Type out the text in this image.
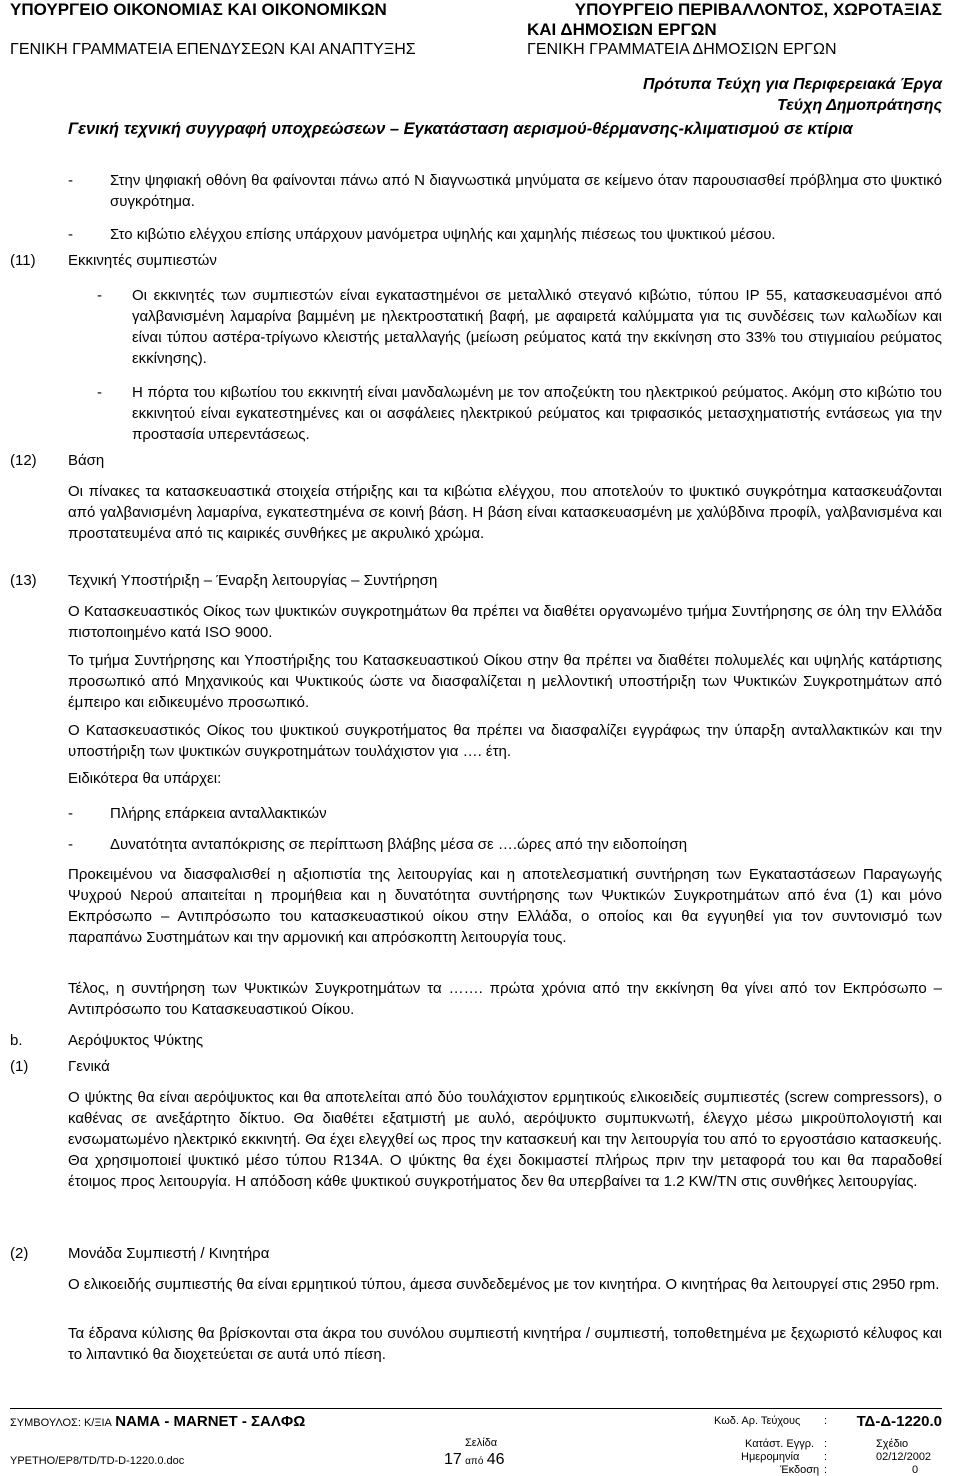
ΥΠΟΥΡΓΕΙΟ ΟΙΚΟΝΟΜΙΑΣ ΚΑΙ ΟΙΚΟΝΟΜΙΚΩΝ	ΥΠΟΥΡΓΕΙΟ ΠΕΡΙΒΑΛΛΟΝΤΟΣ, ΧΩΡΟΤΑΞΙΑΣ
ΚΑΙ ΔΗΜΟΣΙΩΝ ΕΡΓΩΝ
ΓΕΝΙΚΗ ΓΡΑΜΜΑΤΕΙΑ ΕΠΕΝΔΥΣΕΩΝ ΚΑΙ ΑΝΑΠΤΥΞΗΣ	ΓΕΝΙΚΗ ΓΡΑΜΜΑΤΕΙΑ ΔΗΜΟΣΙΩΝ ΕΡΓΩΝ
Πρότυπα Τεύχη για Περιφερειακά Έργα
Τεύχη Δημοπράτησης
Γενική τεχνική συγγραφή υποχρεώσεων – Εγκατάσταση αερισμού-θέρμανσης-κλιματισμού σε κτίρια
- Στην ψηφιακή οθόνη θα φαίνονται πάνω από Ν διαγνωστικά μηνύματα σε κείμενο όταν παρουσιασθεί πρόβλημα στο ψυκτικό συγκρότημα.
- Στο κιβώτιο ελέγχου επίσης υπάρχουν μανόμετρα υψηλής και χαμηλής πιέσεως του ψυκτικού μέσου.
(11) Εκκινητές συμπιεστών
- Οι εκκινητές των συμπιεστών είναι εγκαταστημένοι σε μεταλλικό στεγανό κιβώτιο, τύπου IP 55, κατασκευασμένοι από γαλβανισμένη λαμαρίνα βαμμένη με ηλεκτροστατική βαφή, με αφαιρετά καλύμματα για τις συνδέσεις των καλωδίων και είναι τύπου αστέρα-τρίγωνο κλειστής μεταλλαγής (μείωση ρεύματος κατά την εκκίνηση στο 33% του στιγμιαίου ρεύματος εκκίνησης).
- Η πόρτα του κιβωτίου του εκκινητή είναι μανδαλωμένη με τον αποζεύκτη του ηλεκτρικού ρεύματος. Ακόμη στο κιβώτιο του εκκινητού είναι εγκατεστημένες και οι ασφάλειες ηλεκτρικού ρεύματος και τριφασικός μετασχηματιστής εντάσεως για την προστασία υπερεντάσεως.
(12) Βάση
Οι πίνακες τα κατασκευαστικά στοιχεία στήριξης και τα κιβώτια ελέγχου, που αποτελούν το ψυκτικό συγκρότημα κατασκευάζονται από γαλβανισμένη λαμαρίνα, εγκατεστημένα σε κοινή βάση. Η βάση είναι κατασκευασμένη με χαλύβδινα προφίλ, γαλβανισμένα και προστατευμένα από τις καιρικές συνθήκες με ακρυλικό χρώμα.
(13) Τεχνική Υποστήριξη – Έναρξη λειτουργίας – Συντήρηση
Ο Κατασκευαστικός Οίκος των ψυκτικών συγκροτημάτων θα πρέπει να διαθέτει οργανωμένο τμήμα Συντήρησης σε όλη την Ελλάδα πιστοποιημένο κατά ISO 9000.
Το τμήμα Συντήρησης και Υποστήριξης του Κατασκευαστικού Οίκου στην θα πρέπει να διαθέτει πολυμελές και υψηλής κατάρτισης προσωπικό από Μηχανικούς και Ψυκτικούς ώστε να διασφαλίζεται η μελλοντική υποστήριξη των Ψυκτικών Συγκροτημάτων από έμπειρο και ειδικευμένο προσωπικό.
Ο Κατασκευαστικός Οίκος του ψυκτικού συγκροτήματος θα πρέπει να διασφαλίζει εγγράφως την ύπαρξη ανταλλακτικών και την υποστήριξη των ψυκτικών συγκροτημάτων τουλάχιστον για …. έτη.
Ειδικότερα θα υπάρχει:
- Πλήρης επάρκεια ανταλλακτικών
- Δυνατότητα ανταπόκρισης σε περίπτωση βλάβης μέσα σε ….ώρες από την ειδοποίηση
Προκειμένου να διασφαλισθεί η αξιοπιστία της λειτουργίας και η αποτελεσματική συντήρηση των Εγκαταστάσεων Παραγωγής Ψυχρού Νερού απαιτείται η προμήθεια και η δυνατότητα συντήρησης των Ψυκτικών Συγκροτημάτων από ένα (1) και μόνο Εκπρόσωπο – Αντιπρόσωπο του κατασκευαστικού οίκου στην Ελλάδα, ο οποίος και θα εγγυηθεί για τον συντονισμό των παραπάνω Συστημάτων και την αρμονική και απρόσκοπτη λειτουργία τους.
Τέλος, η συντήρηση των Ψυκτικών Συγκροτημάτων τα ……. πρώτα χρόνια από την εκκίνηση θα γίνει από τον Εκπρόσωπο – Αντιπρόσωπο του Κατασκευαστικού Οίκου.
b.	Αερόψυκτος Ψύκτης
(1)	Γενικά
Ο ψύκτης θα είναι αερόψυκτος και θα αποτελείται από δύο τουλάχιστον ερμητικούς ελικοειδείς συμπιεστές (screw compressors), ο καθένας σε ανεξάρτητο δίκτυο. Θα διαθέτει εξατμιστή με αυλό, αερόψυκτο συμπυκνωτή, έλεγχο μέσω μικροϋπολογιστή και ενσωματωμένο ηλεκτρικό εκκινητή. Θα έχει ελεγχθεί ως προς την κατασκευή και την λειτουργία του από το εργοστάσιο κατασκευής. Θα χρησιμοποιεί ψυκτικό μέσο τύπου R134A. Ο ψύκτης θα έχει δοκιμαστεί πλήρως πριν την μεταφορά του και θα παραδοθεί έτοιμος προς λειτουργία. Η απόδοση κάθε ψυκτικού συγκροτήματος δεν θα υπερβαίνει τα 1.2 KW/TN στις συνθήκες λειτουργίας.
(2)	Μονάδα Συμπιεστή / Κινητήρα
Ο ελικοειδής συμπιεστής θα είναι ερμητικού τύπου, άμεσα συνδεδεμένος με τον κινητήρα. Ο κινητήρας θα λειτουργεί στις 2950 rpm.
Τα έδρανα κύλισης θα βρίσκονται στα άκρα του συνόλου συμπιεστή κινητήρα / συμπιεστή, τοποθετημένα με ξεχωριστό κέλυφος και το λιπαντικό θα διοχετεύεται σε αυτά υπό πίεση.
ΣΥΜΒΟΥΛΟΣ: Κ/ΞΙΑ ΝΑΜΑ - MARNET - ΣΑΛΦΩ
ΥΡΕΤΗΟ/ΕΡ8/ΤD/ΤD-D-1220.0.doc
Σελίδα
17 από 46
Κωδ. Αρ. Τεύχους : ΤΔ-Δ-1220.0
Κατάστ. Εγγρ. :	Σχέδιο
Ημερομηνία :	02/12/2002
Έκδοση :	0
